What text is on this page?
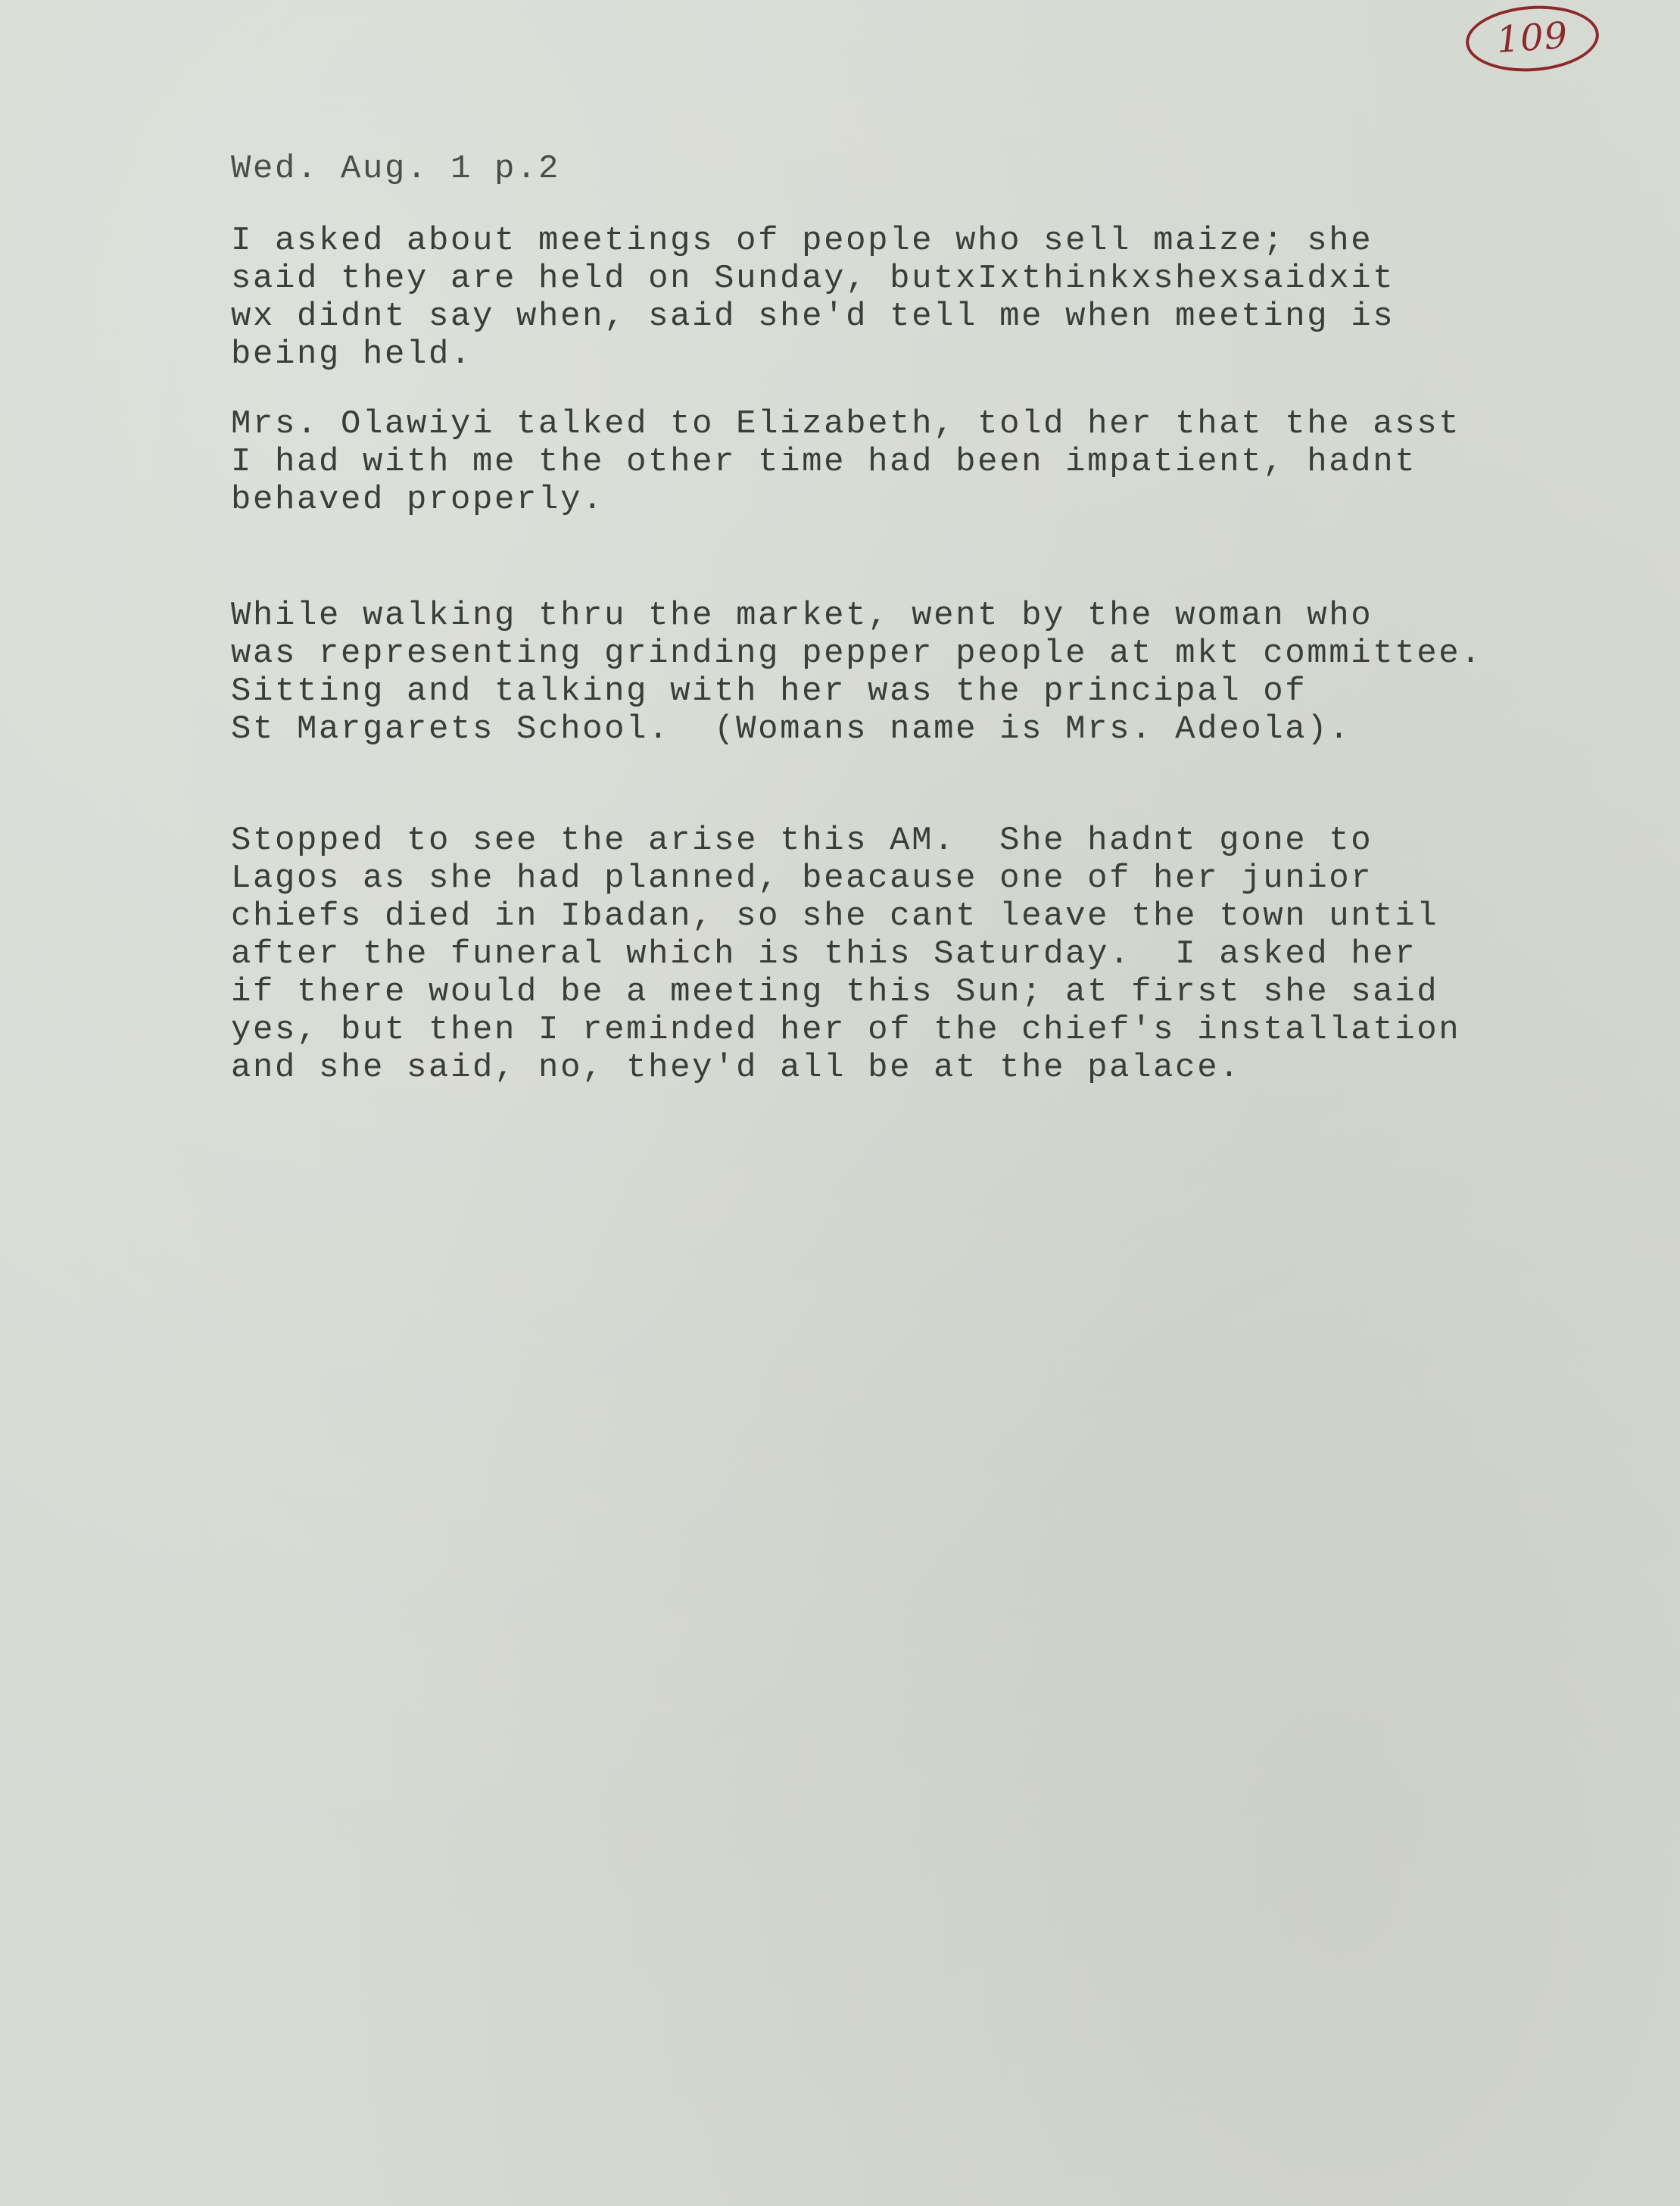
109

Wed. Aug. 1 p.2

I asked about meetings of people who sell maize; she
said they are held on Sunday, butxIxthinkxshexsaidxit
wx didnt say when, said she'd tell me when meeting is
being held.

Mrs. Olawiyi talked to Elizabeth, told her that the asst
I had with me the other time had been impatient, hadnt
behaved properly.

While walking thru the market, went by the woman who
was representing grinding pepper people at mkt committee.
Sitting and talking with her was the principal of
St Margarets School.  (Womans name is Mrs. Adeola).

Stopped to see the arise this AM.  She hadnt gone to
Lagos as she had planned, beacause one of her junior
chiefs died in Ibadan, so she cant leave the town until
after the funeral which is this Saturday.  I asked her
if there would be a meeting this Sun; at first she said
yes, but then I reminded her of the chief's installation
and she said, no, they'd all be at the palace.
